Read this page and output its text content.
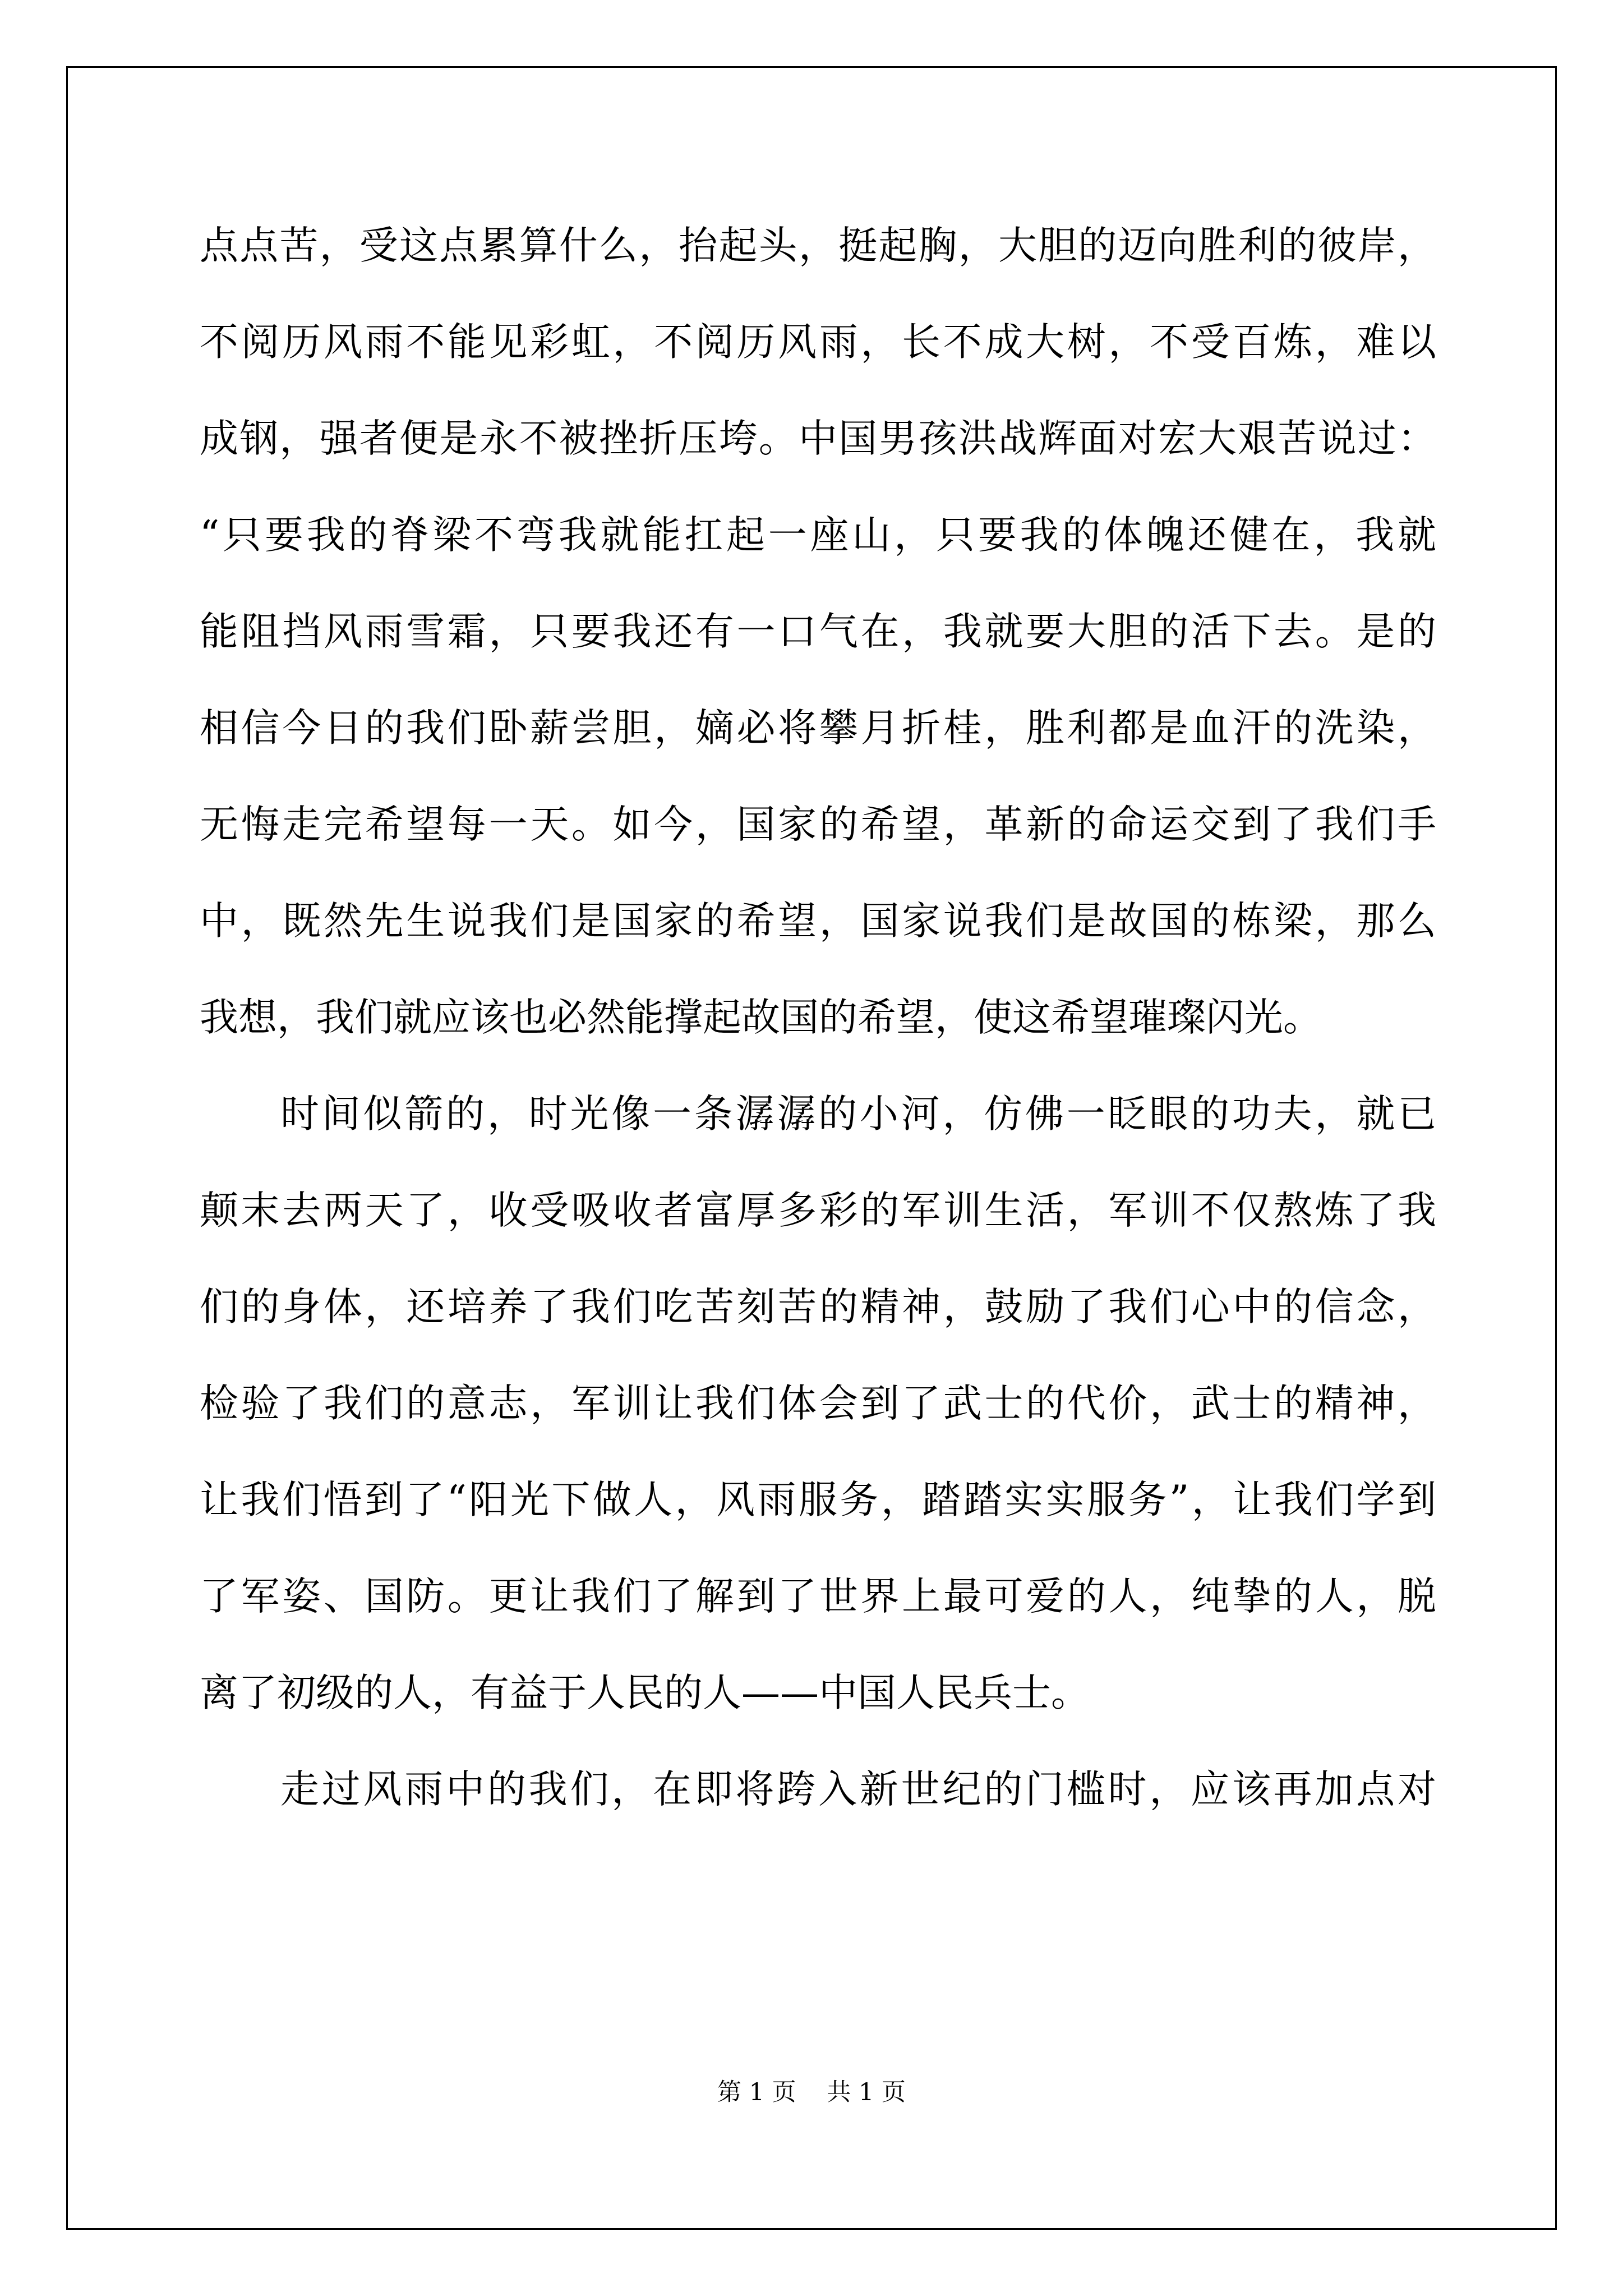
点点苦，受这点累算什么，抬起头，挺起胸，大胆的迈向胜利的彼岸，

不阅历风雨不能见彩虹，不阅历风雨，长不成大树，不受百炼，难以

成钢，强者便是永不被挫折压垮。中国男孩洪战辉面对宏大艰苦说过：

“只要我的脊梁不弯我就能扛起一座山，只要我的体魄还健在，我就

能阻挡风雨雪霜，只要我还有一口气在，我就要大胆的活下去。是的

相信今日的我们卧薪尝胆，嫡必将攀月折桂，胜利都是血汗的洗染，

无悔走完希望每一天。如今，国家的希望，革新的命运交到了我们手

中，既然先生说我们是国家的希望，国家说我们是故国的栋梁，那么

我想，我们就应该也必然能撑起故国的希望，使这希望璀璨闪光。

时间似箭的，时光像一条潺潺的小河，仿佛一眨眼的功夫，就已

颠末去两天了，收受吸收者富厚多彩的军训生活，军训不仅熬炼了我

们的身体，还培养了我们吃苦刻苦的精神，鼓励了我们心中的信念，

检验了我们的意志，军训让我们体会到了武士的代价，武士的精神，

让我们悟到了“阳光下做人，风雨服务，踏踏实实服务”，让我们学到

了军姿、国防。更让我们了解到了世界上最可爱的人，纯挚的人，脱

离了初级的人，有益于人民的人——中国人民兵士。

走过风雨中的我们，在即将跨入新世纪的门槛时，应该再加点对

第 1 页    共 1 页
